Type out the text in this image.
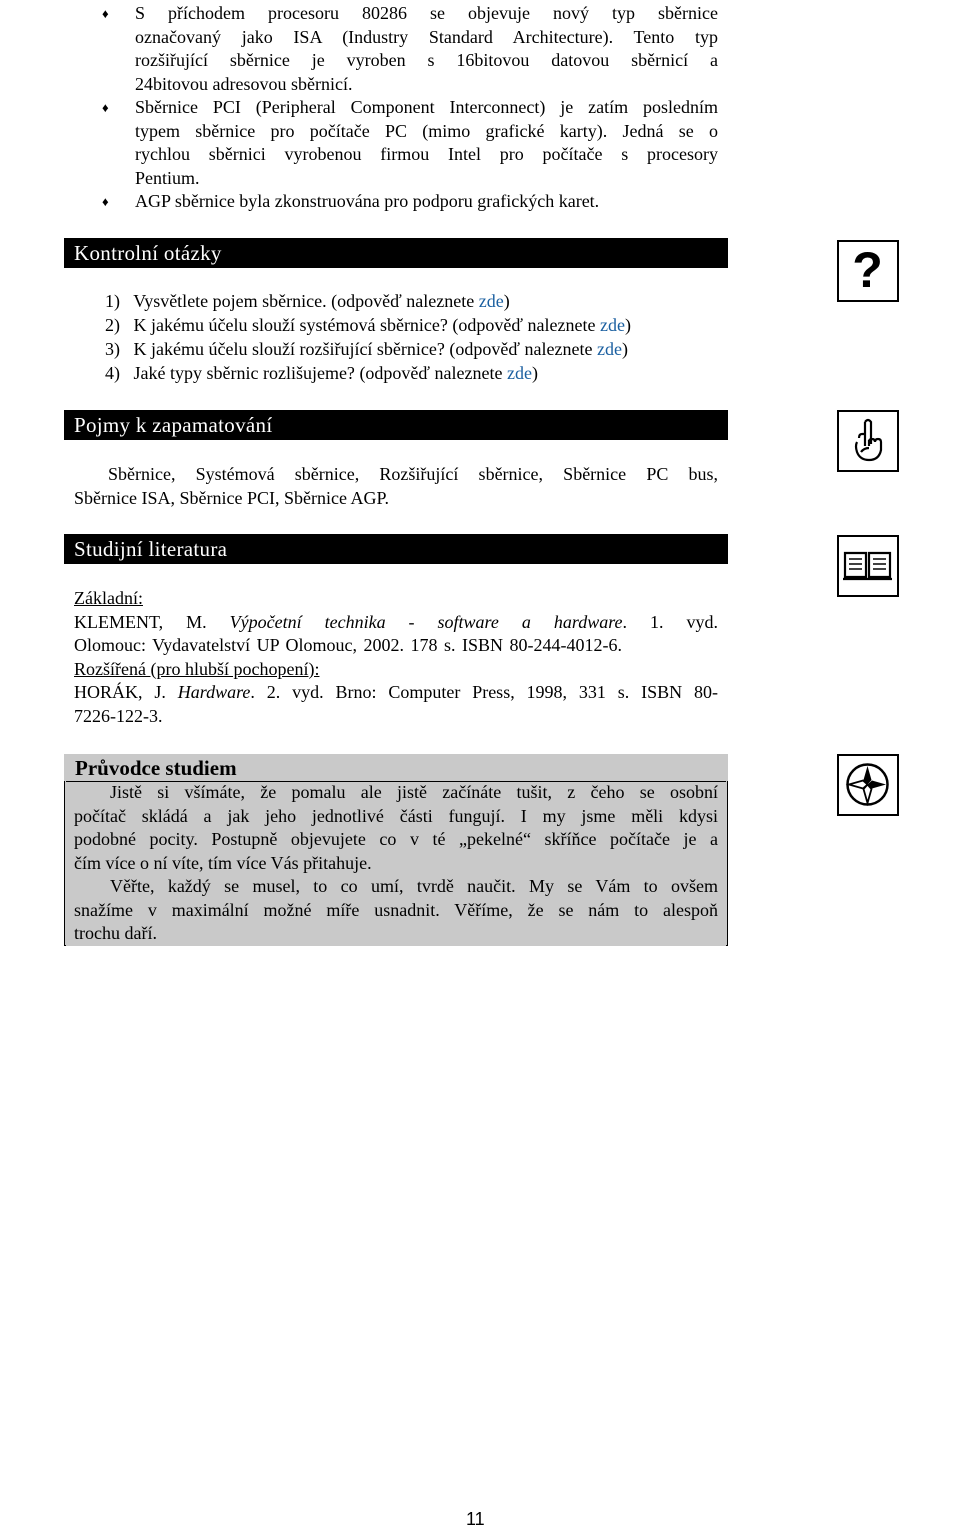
♦ S příchodem procesoru 80286 se objevuje nový typ sběrnice
označovaný jako ISA (Industry Standard Architecture). Tento typ
rozšiřující sběrnice je vyroben s 16bitovou datovou sběrnicí a
24bitovou adresovou sběrnicí.
♦ Sběrnice PCI (Peripheral Component Interconnect) je zatím posledním
typem sběrnice pro počítače PC (mimo grafické karty). Jedná se o
rychlou sběrnici vyrobenou firmou Intel pro počítače s procesory
Pentium.
♦ AGP sběrnice byla zkonstruována pro podporu grafických karet.
Kontrolní otázky	?
1) Vysvětlete pojem sběrnice. (odpověď naleznete zde)
2) K jakému účelu slouží systémová sběrnice? (odpověď naleznete zde)
3) K jakému účelu slouží rozšiřující sběrnice? (odpověď naleznete zde)
4) Jaké typy sběrnic rozlišujeme? (odpověď naleznete zde)
Pojmy k zapamatování
Sběrnice, Systémová sběrnice, Rozšiřující sběrnice, Sběrnice PC bus,
Sběrnice ISA, Sběrnice PCI, Sběrnice AGP.
Studijní literatura
Základní:
KLEMENT, M. Výpočetní technika - software a hardware. 1. vyd.
Olomouc: Vydavatelství UP Olomouc, 2002. 178 s. ISBN 80-244-4012-6.
Rozšířená (pro hlubší pochopení):
HORÁK, J. Hardware. 2. vyd. Brno: Computer Press, 1998, 331 s. ISBN 80-
7226-122-3.
Průvodce studiem
Jistě si všímáte, že pomalu ale jistě začínáte tušit, z čeho se osobní
počítač skládá a jak jeho jednotlivé části fungují. I my jsme měli kdysi
podobné pocity. Postupně objevujete co v té „pekelné“ skříňce počítače je a
čím více o ní víte, tím více Vás přitahuje.
Věřte, každý se musel, to co umí, tvrdě naučit. My se Vám to ovšem
snažíme v maximální možné míře usnadnit. Věříme, že se nám to alespoň
trochu daří.
11
